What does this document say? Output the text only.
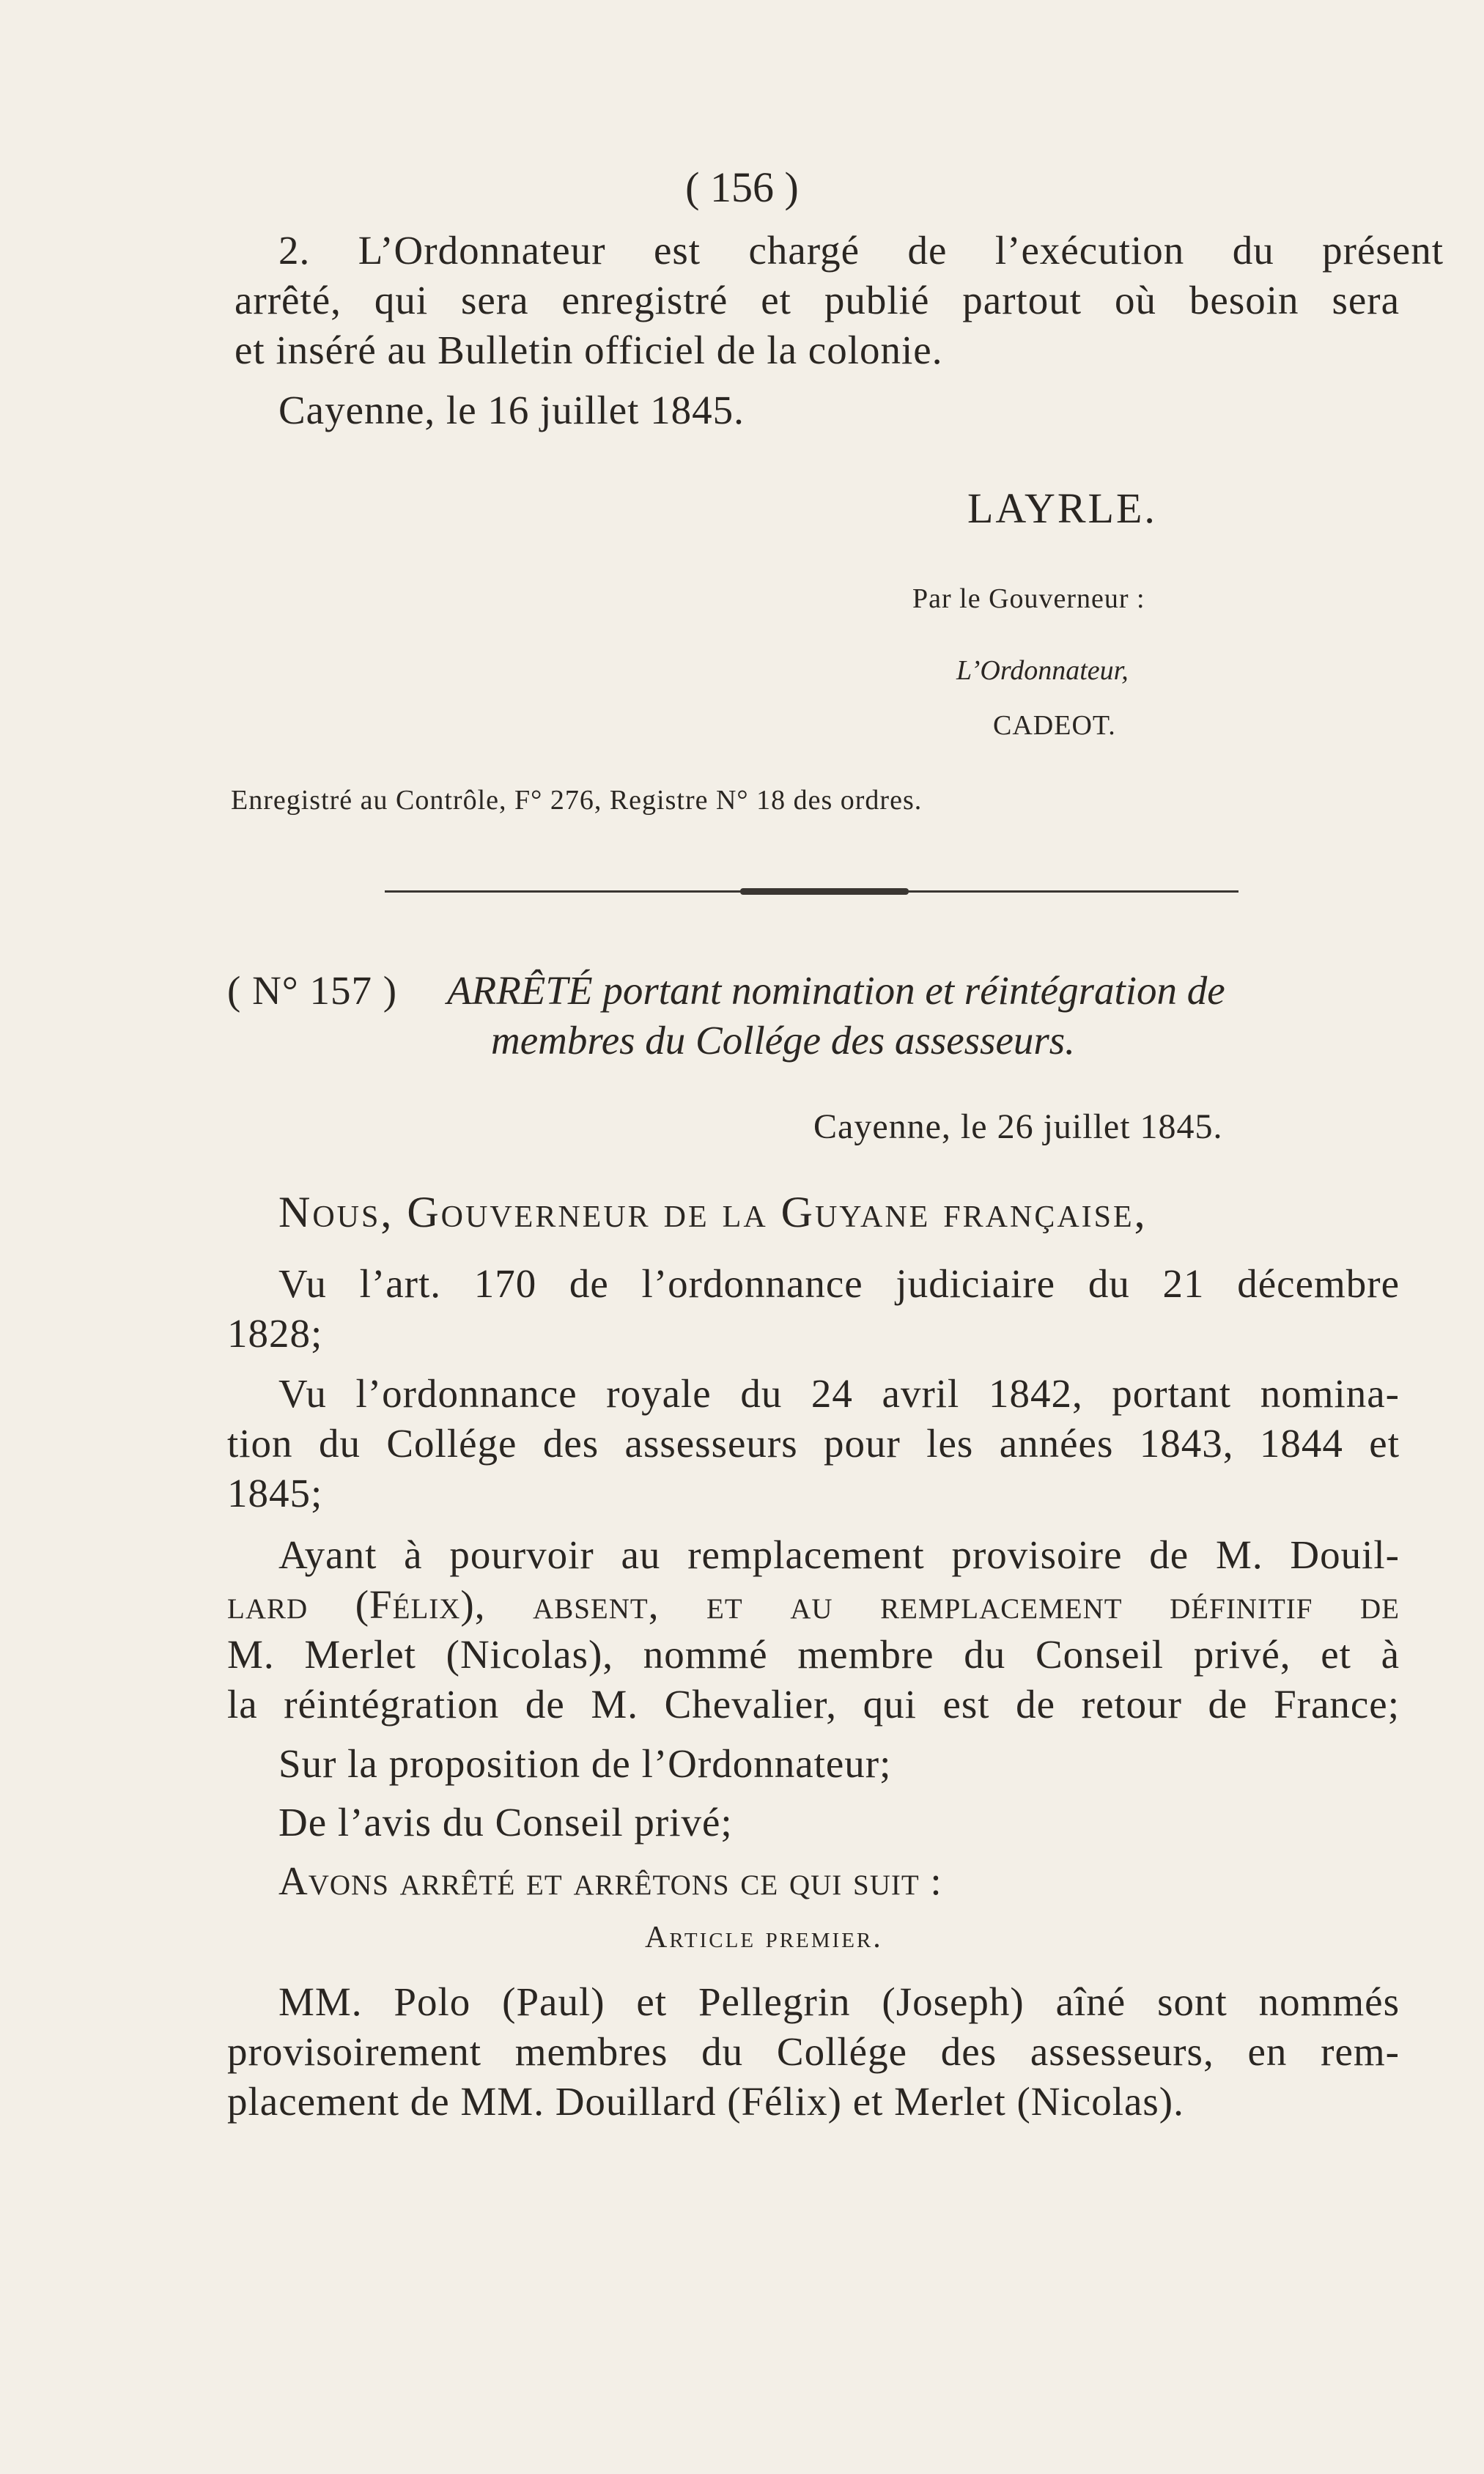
( 156 )
2. L’Ordonnateur est chargé de l’exécution du présent
arrêté, qui sera enregistré et publié partout où besoin sera
et inséré au Bulletin officiel de la colonie.
Cayenne, le 16 juillet 1845.
LAYRLE.
Par le Gouverneur :
L’Ordonnateur,
CADEOT.
Enregistré au Contrôle, F° 276, Registre N° 18 des ordres.
( N° 157 ) ARRÊTÉ portant nomination et réintégration de
membres du Collége des assesseurs.
Cayenne, le 26 juillet 1845.
Nous, Gouverneur de la Guyane française,
Vu l’art. 170 de l’ordonnance judiciaire du 21 décembre
1828;
Vu l’ordonnance royale du 24 avril 1842, portant nomina-
tion du Collége des assesseurs pour les années 1843, 1844 et
1845;
Ayant à pourvoir au remplacement provisoire de M. Douil-
lard (Félix), absent, et au remplacement définitif de
M. Merlet (Nicolas), nommé membre du Conseil privé, et à
la réintégration de M. Chevalier, qui est de retour de France;
Sur la proposition de l’Ordonnateur;
De l’avis du Conseil privé;
Avons arrêté et arrêtons ce qui suit :
Article premier.
MM. Polo (Paul) et Pellegrin (Joseph) aîné sont nommés
provisoirement membres du Collége des assesseurs, en rem-
placement de MM. Douillard (Félix) et Merlet (Nicolas).
